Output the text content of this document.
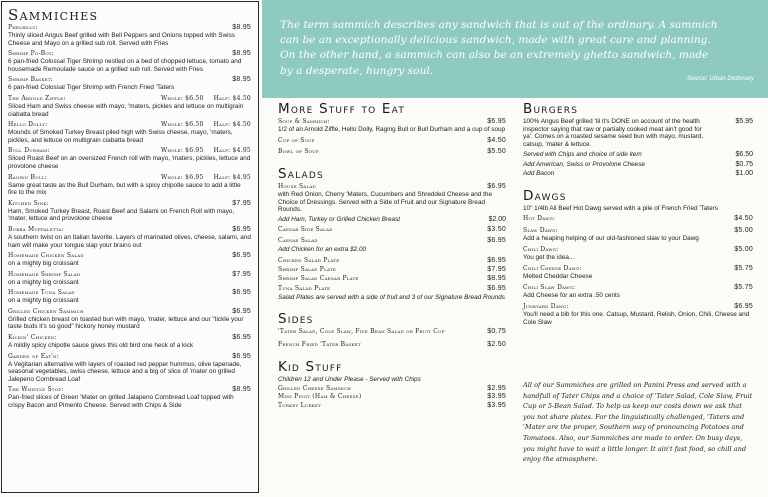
Sammiches
Phelbilly:	$8.95

Thinly sliced Angus Beef grilled with Bell Peppers and Onions topped with Swiss Cheese and Mayo on a grilled sub roll. Served with Fries

Shrimp Po-Boy:	$8.95

6 pan-fried Colossal Tiger Shrimp nestled on a bed of chopped lettuce, tomato and housemade Remoulade sauce on a grilled sub roll. Served with Fries

Shrimp Basket:	$8.95

6 pan-fried Colossal Tiger Shrimp with French Fried 'Taters

The Arnold Ziffle:	Whole: $6.50 Half: $4.50

Sliced Ham and Swiss cheese with mayo, 'maters, pickles and lettuce on multigrain ciabatta bread

Hello Dolly:	Whole: $6.50 Half: $4.50

Mounds of Smoked Turkey Breast piled high with Swiss cheese, mayo, 'maters, pickles, and lettuce on multigrain ciabatta bread

Bull Durham:	Whole: $6.95 Half: $4.95

Sliced Roast Beef on an oversized French roll with mayo, 'maters, pickles, lettuce and provolone cheese

Raging Bull:	Whole: $6.95 Half: $4.95

Same great taste as the Bull Durham, but with a spicy chipotle sauce to add a little fire to the mix

Kitchen Sink:	$7.95

Ham, Smoked Turkey Breast, Roast Beef and Salami on French Roll with mayo, 'mater, lettuce and provolone cheese

Bubba Muffaletta:	$6.95

A southern twist on an Italian favorite. Layers of marinated olives, cheese, salami, and ham will make your tongue slap your brains out

Homemade Chicken Salad	$6.95

on a mighty big croissant

Homemade Shrimp Salad	$7.95

on a mighty big croissant

Homemade Tuna Salad	$6.95

on a mighty big croissant

Grilled Chicken Sammich	$6.95

Grilled chicken breast on toasted bun with mayo, 'mater, lettuce and our "tickle your taste buds it's so good" hickory honey mustard

Kickin' Chicken:	$6.95

A mildly spicy chipotle sauce gives this old bird one heck of a kick

Garden of Eat'n:	$6.95

A Vegitarian alternative with layers of roasted red pepper hummus, olive tapenade, seasonal vegetables, swiss cheese, lettuce and a big ol' slice of 'mater on grilled Jalepeno Cornbread Loaf

The Whistle Stop:	$8.95

Pan-fried slices of Green 'Mater on grilled Jalapeno Cornbread Loaf topped with crispy Bacon and Pimento Cheese. Served with Chips & Side

The term sammich describes any sandwich that is out of the ordinary. A sammich can be an exceptionally delicious sandwich, made with great care and planning. On the other hand, a sammich can also be an extremely ghetto sandwich, made by a desperate, hungry soul.
Source: Urban Dictionary
More Stuff to Eat
Soup & Sammich:	$6.95

1/2 of an Arnold Ziffle, Hello Dolly, Raging Bull or Bull Durham and a cup of soup

Cup of Soup	$4.50
Bowl of Soup	$5.50
Salads
House Salad	$6.95

with Red Onion, Cherry 'Maters, Cucumbers and Shredded Cheese and the Choice of Dressings. Served with a Side of Fruit and our Signature Bread Rounds.

Add Ham, Turkey or Grilled Chicken Breast	$2.00
Caesar Side Salad	$3.50
Caesar Salad	$6.95

Add Chicken for an extra $2.00

Chicken Salad Plate	$6.95
Shrimp Salad Plate	$7.95
Shrimp Salad Caesar Plate	$8.95
Tuna Salad Plate	$6.95

Salad Plates are served with a side of fruit and 3 of our Signature Bread Rounds

Sides
'Tater Salad, Cole Slaw, Five Bean Salad or Fruit Cup	$0.75
French Fried 'Tater Basket	$2.50
Kid Stuff

Children 12 and Under Please - Served with Chips

Grilled Cheese Sammich	$2.95
Miss Piggy (Ham & Cheese)	$3.95
Turkey Lurkey	$3.95
Burgers

100% Angus Beef grilled 'til it's DONE on account of the health inspector saying that raw or partially cooked meat ain't good for ya'. Comes on a roasted sesame seed bun with mayo, mustard, catsup, 'mater & lettuce.

$5.95
Served with Chips and choice of side item	$6.50
Add American, Swiss or Provolone Cheese	$0.75
Add Bacon	$1.00
Dawgs

10" 1/4lb All Beef Hot Dawg served with a pile of French Fried 'Taters

Hot Dawg:	$4.50
Slaw Dawg:	$5.00

Add a heaping helping of our old-fashioned slaw to your Dawg

Chili Dawg:	$5.00

You get the idea...

Chili Cheese Dawg:	$5.75

Melted Cheddar Cheese

Chili Slaw Dawg:	$5.75

Add Cheese for an extra .50 cents

Junkyard Dawg:	$6.95

You'll need a bib for this one. Catsup, Mustard, Relish, Onion, Chili, Cheese and Cole Slaw

All of our Sammiches are grilled on Panini Press and served with a handfull of Tater Chips and a choice of 'Tater Salad, Cole Slaw, Fruit Cup or 5-Bean Salad. To help us keep our costs down we ask that you not share plates. For the linguistically challenged, 'Taters and 'Mater are the proper, Southern way of pronouncing Potatoes and Tomatoes. Also, our Sammiches are made to order. On busy days, you might have to wait a little longer. It ain't fast food, so chill and enjoy the atmosphere.
